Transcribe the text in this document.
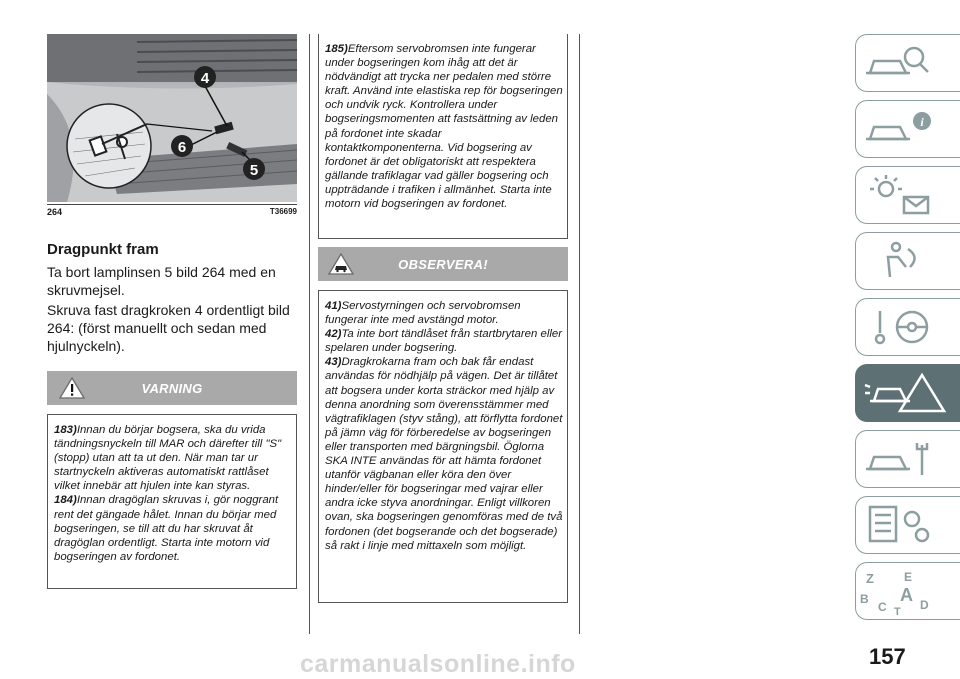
4
6
5
264	T36699
Dragpunkt fram
Ta bort lamplinsen 5 bild 264 med en skruvmejsel.
Skruva fast dragkroken 4 ordentligt bild 264: (först manuellt och sedan med hjulnyckeln).
VARNING

183)Innan du börjar bogsera, ska du vrida tändningsnyckeln till MAR och därefter till "S" (stopp) utan att ta ut den. När man tar ur startnyckeln aktiveras automatiskt rattlåset vilket innebär att hjulen inte kan styras.

184)Innan dragöglan skruvas i, gör noggrant rent det gängade hålet. Innan du börjar med bogseringen, se till att du har skruvat åt dragöglan ordentligt. Starta inte motorn vid bogseringen av fordonet.

185)Eftersom servobromsen inte fungerar under bogseringen kom ihåg att det är nödvändigt att trycka ner pedalen med större kraft. Använd inte elastiska rep för bogseringen och undvik ryck. Kontrollera under bogseringsmomenten att fastsättning av leden på fordonet inte skadar kontaktkomponenterna. Vid bogsering av fordonet är det obligatoriskt att respektera gällande trafiklagar vad gäller bogsering och uppträdande i trafiken i allmänhet. Starta inte motorn vid bogseringen av fordonet.

OBSERVERA!

41)Servostyrningen och servobromsen fungerar inte med avstängd motor.

42)Ta inte bort tändlåset från startbrytaren eller spelaren under bogsering.

43)Dragkrokarna fram och bak får endast användas för nödhjälp på vägen. Det är tillåtet att bogsera under korta sträckor med hjälp av denna anordning som överensstämmer med vägtrafiklagen (styv stång), att förflytta fordonet på jämn väg för förberedelse av bogseringen eller transporten med bärgningsbil. Öglorna SKA INTE användas för att hämta fordonet utanför vägbanan eller köra den över hinder/eller för bogseringar med vajrar eller andra icke styva anordningar. Enligt villkoren ovan, ska bogseringen genomföras med de två fordonen (det bogserande och det bogserade) så rakt i linje med mittaxeln som möjligt.

i
Z	E
B A
C	D
T
157
carmanualsonline.info
